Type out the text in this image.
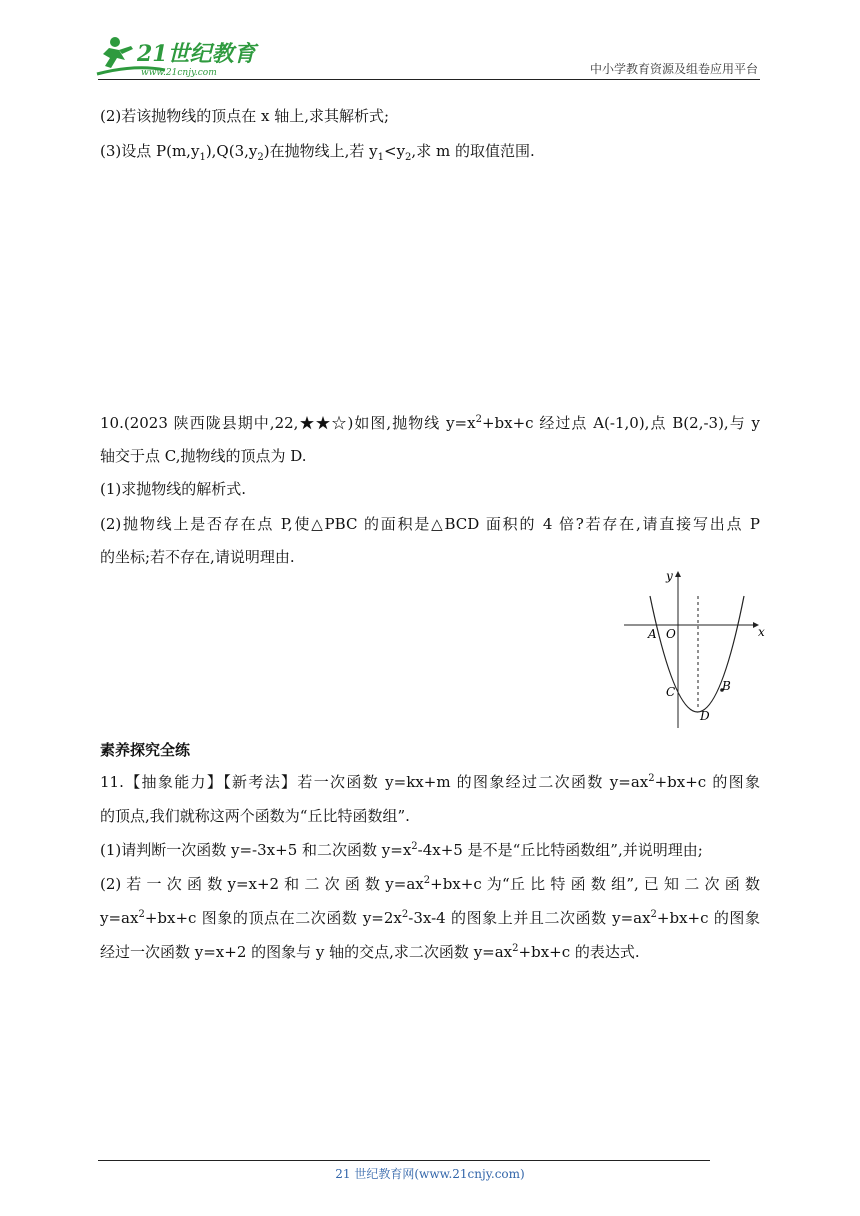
21世纪教育
www.21cnjy.com	中小学教育资源及组卷应用平台
(2)若该抛物线的顶点在 x 轴上,求其解析式;
(3)设点 $P(m,y_1),Q(3,y_2)$在抛物线上,若 $y_1<y_2$,求 m 的取值范围.
10.(2023 陕西陇县期中,22,★★☆)如图,抛物线 $y=x^2+bx+c$ 经过点 A(-1,0),点 B(2,-3),与 y
轴交于点 C,抛物线的顶点为 D.
(1)求抛物线的解析式.
(2)抛物线上是否存在点 P,使△PBC 的面积是△BCD 面积的 4 倍?若存在,请直接写出点 P
的坐标;若不存在,请说明理由.
x
y
A O
B
C
D
素养探究全练
11.【抽象能力】【新考法】若一次函数 y=kx+m 的图象经过二次函数 $y=ax^2+bx+c$ 的图象
的顶点,我们就称这两个函数为“丘比特函数组”.
(1)请判断一次函数 y=-3x+5 和二次函数 $y=x^2-4x+5$ 是不是“丘比特函数组”,并说明理由;
(2) 若 一 次 函 数 y=x+2 和 二 次 函 数 $y=ax^2+bx+c$ 为“丘 比 特 函 数 组”, 已 知 二 次 函 数
$y=ax^2+bx+c$ 图象的顶点在二次函数 $y=2x^2-3x-4$ 的图象上并且二次函数 $y=ax^2+bx+c$ 的图象
经过一次函数 y=x+2 的图象与 y 轴的交点,求二次函数 $y=ax^2+bx+c$ 的表达式.
21 世纪教育网(www.21cnjy.com)
